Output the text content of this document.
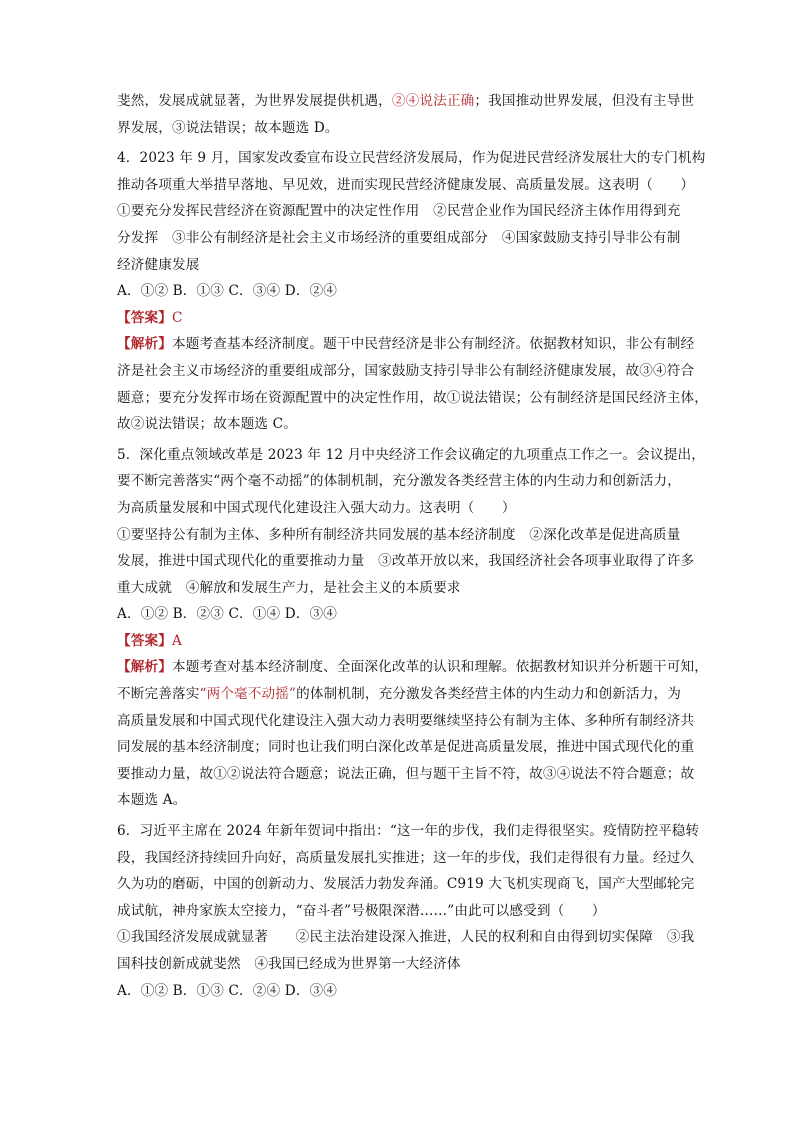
斐然，发展成就显著，为世界发展提供机遇，②④说法正确；我国推动世界发展，但没有主导世
界发展，③说法错误；故本题选 D。
4．2023 年 9 月，国家发改委宣布设立民营经济发展局，作为促进民营经济发展壮大的专门机构
推动各项重大举措早落地、早见效，进而实现民营经济健康发展、高质量发展。这表明（　　）
①要充分发挥民营经济在资源配置中的决定性作用　②民营企业作为国民经济主体作用得到充
分发挥　③非公有制经济是社会主义市场经济的重要组成部分　④国家鼓励支持引导非公有制
经济健康发展
A．①② B．①③ C．③④ D．②④
【答案】C
【解析】本题考查基本经济制度。题干中民营经济是非公有制经济。依据教材知识，非公有制经
济是社会主义市场经济的重要组成部分，国家鼓励支持引导非公有制经济健康发展，故③④符合
题意；要充分发挥市场在资源配置中的决定性作用，故①说法错误；公有制经济是国民经济主体，
故②说法错误；故本题选 C。
5．深化重点领域改革是 2023 年 12 月中央经济工作会议确定的九项重点工作之一。会议提出，
要不断完善落实“两个毫不动摇”的体制机制，充分激发各类经营主体的内生动力和创新活力，
为高质量发展和中国式现代化建设注入强大动力。这表明（　　）
①要坚持公有制为主体、多种所有制经济共同发展的基本经济制度　②深化改革是促进高质量
发展，推进中国式现代化的重要推动力量　③改革开放以来，我国经济社会各项事业取得了许多
重大成就　④解放和发展生产力，是社会主义的本质要求
A．①② B．②③ C．①④ D．③④
【答案】A
【解析】本题考查对基本经济制度、全面深化改革的认识和理解。依据教材知识并分析题干可知，
不断完善落实“两个毫不动摇”的体制机制，充分激发各类经营主体的内生动力和创新活力，为
高质量发展和中国式现代化建设注入强大动力表明要继续坚持公有制为主体、多种所有制经济共
同发展的基本经济制度；同时也让我们明白深化改革是促进高质量发展，推进中国式现代化的重
要推动力量，故①②说法符合题意；说法正确，但与题干主旨不符，故③④说法不符合题意；故
本题选 A。
6．习近平主席在 2024 年新年贺词中指出：“这一年的步伐，我们走得很坚实。疫情防控平稳转
段，我国经济持续回升向好，高质量发展扎实推进；这一年的步伐，我们走得很有力量。经过久
久为功的磨砺，中国的创新动力、发展活力勃发奔涌。C919 大飞机实现商飞，国产大型邮轮完
成试航，神舟家族太空接力，“奋斗者”号极限深潜……”由此可以感受到（　　）
①我国经济发展成就显著　　②民主法治建设深入推进，人民的权利和自由得到切实保障　③我
国科技创新成就斐然　④我国已经成为世界第一大经济体
A．①② B．①③ C．②④ D．③④
